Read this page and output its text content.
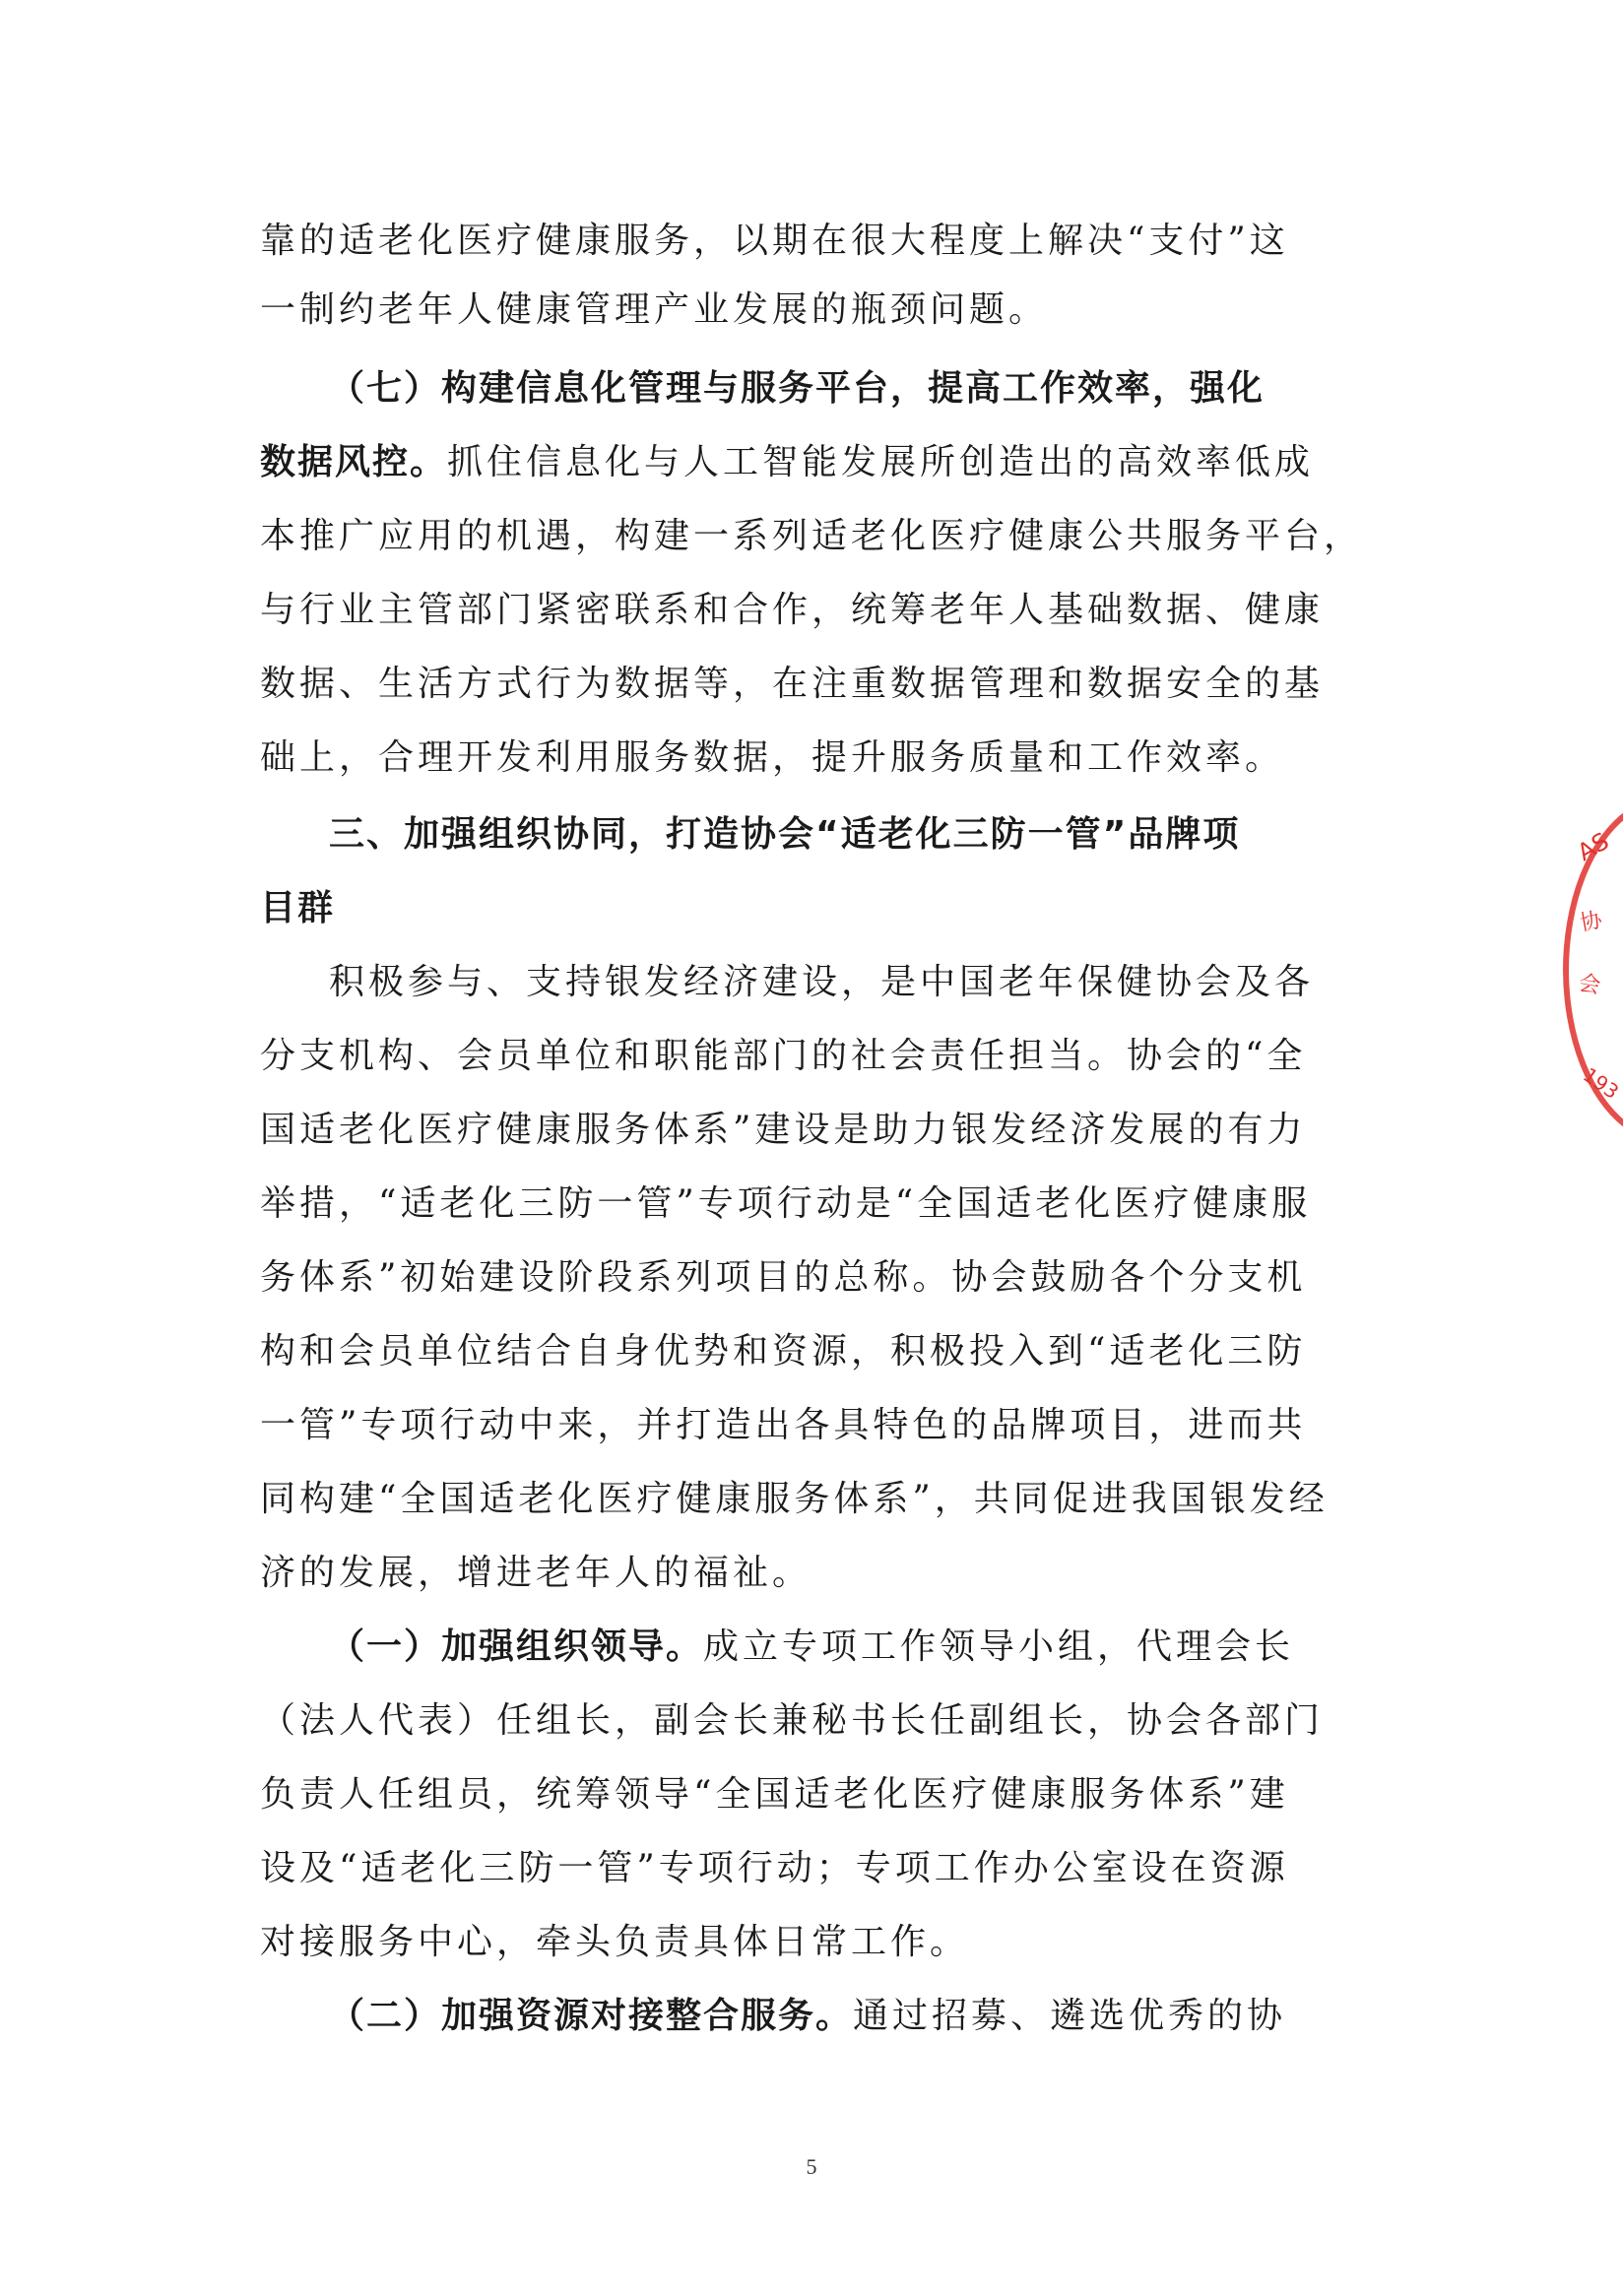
靠的适老化医疗健康服务，以期在很大程度上解决“支付”这
一制约老年人健康管理产业发展的瓶颈问题。
（七）构建信息化管理与服务平台，提高工作效率，强化
数据风控。抓住信息化与人工智能发展所创造出的高效率低成
本推广应用的机遇，构建一系列适老化医疗健康公共服务平台，
与行业主管部门紧密联系和合作，统筹老年人基础数据、健康
数据、生活方式行为数据等，在注重数据管理和数据安全的基
础上，合理开发利用服务数据，提升服务质量和工作效率。
三、加强组织协同，打造协会“适老化三防一管”品牌项
目群
积极参与、支持银发经济建设，是中国老年保健协会及各
分支机构、会员单位和职能部门的社会责任担当。协会的“全
国适老化医疗健康服务体系”建设是助力银发经济发展的有力
举措，“适老化三防一管”专项行动是“全国适老化医疗健康服
务体系”初始建设阶段系列项目的总称。协会鼓励各个分支机
构和会员单位结合自身优势和资源，积极投入到“适老化三防
一管”专项行动中来，并打造出各具特色的品牌项目，进而共
同构建“全国适老化医疗健康服务体系”，共同促进我国银发经
济的发展，增进老年人的福祉。
（一）加强组织领导。成立专项工作领导小组，代理会长
（法人代表）任组长，副会长兼秘书长任副组长，协会各部门
负责人任组员，统筹领导“全国适老化医疗健康服务体系”建
设及“适老化三防一管”专项行动；专项工作办公室设在资源
对接服务中心，牵头负责具体日常工作。
（二）加强资源对接整合服务。通过招募、遴选优秀的协
AS
协
会
193
5
